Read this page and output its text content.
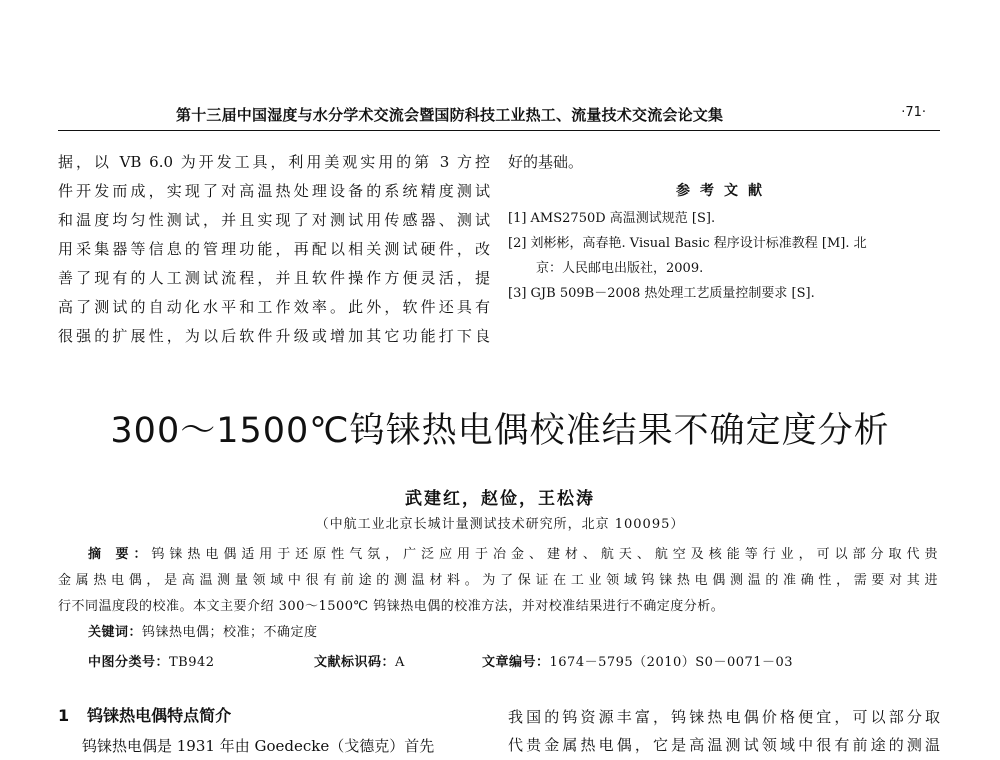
第十三届中国湿度与水分学术交流会暨国防科技工业热工、流量技术交流会论文集	·71·
据，以 VB 6.0 为开发工具，利用美观实用的第 3 方控
件开发而成，实现了对高温热处理设备的系统精度测试
和温度均匀性测试，并且实现了对测试用传感器、测试
用采集器等信息的管理功能，再配以相关测试硬件，改
善了现有的人工测试流程，并且软件操作方便灵活，提
高了测试的自动化水平和工作效率。此外，软件还具有
很强的扩展性，为以后软件升级或增加其它功能打下良
好的基础。
参考文献
[1] AMS2750D 高温测试规范 [S].
[2] 刘彬彬，高春艳. Visual Basic 程序设计标准教程 [M]. 北
京：人民邮电出版社，2009.
[3] GJB 509B－2008 热处理工艺质量控制要求 [S].
300～1500℃钨铼热电偶校准结果不确定度分析
武建红，赵俭，王松涛
（中航工业北京长城计量测试技术研究所，北京 100095）
摘 要：钨铼热电偶适用于还原性气氛，广泛应用于冶金、建材、航天、航空及核能等行业，可以部分取代贵
金属热电偶，是高温测量领域中很有前途的测温材料。为了保证在工业领域钨铼热电偶测温的准确性，需要对其进
行不同温度段的校准。本文主要介绍 300～1500℃ 钨铼热电偶的校准方法，并对校准结果进行不确定度分析。
关键词：钨铼热电偶；校准；不确定度
中图分类号：TB942	文献标识码：A	文章编号：1674－5795（2010）S0－0071－03
1 钨铼热电偶特点简介
钨铼热电偶是 1931 年由 Goedecke（戈德克）首先
我国的钨资源丰富，钨铼热电偶价格便宜，可以部分取
代贵金属热电偶，它是高温测试领域中很有前途的测温
